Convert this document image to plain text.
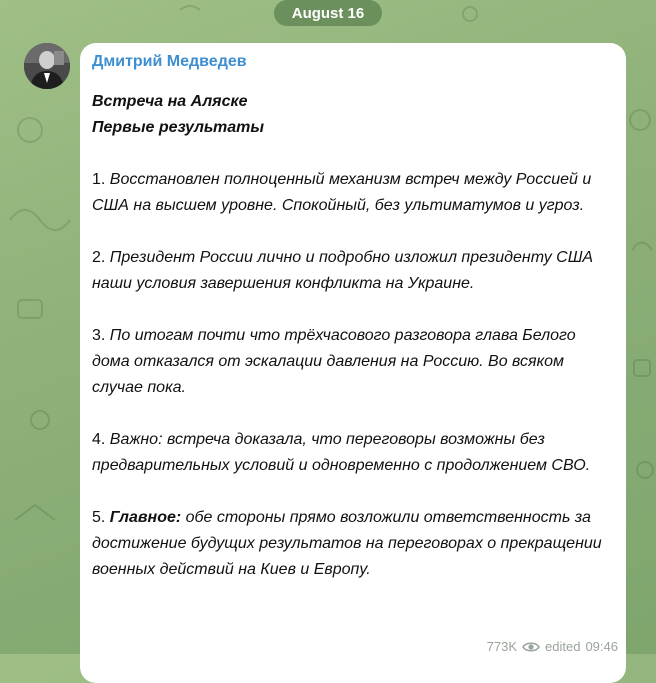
August 16
Дмитрий Медведев

Встреча на Аляске
Первые результаты

1. Восстановлен полноценный механизм встреч между Россией и США на высшем уровне. Спокойный, без ультиматумов и угроз.

2. Президент России лично и подробно изложил президенту США наши условия завершения конфликта на Украине.

3. По итогам почти что трёхчасового разговора глава Белого дома отказался от эскалации давления на Россию. Во всяком случае пока.

4. Важно: встреча доказала, что переговоры возможны без предварительных условий и одновременно с продолжением СВО.

5. Главное: обе стороны прямо возложили ответственность за достижение будущих результатов на переговорах о прекращении военных действий на Киев и Европу.

773K edited 09:46
